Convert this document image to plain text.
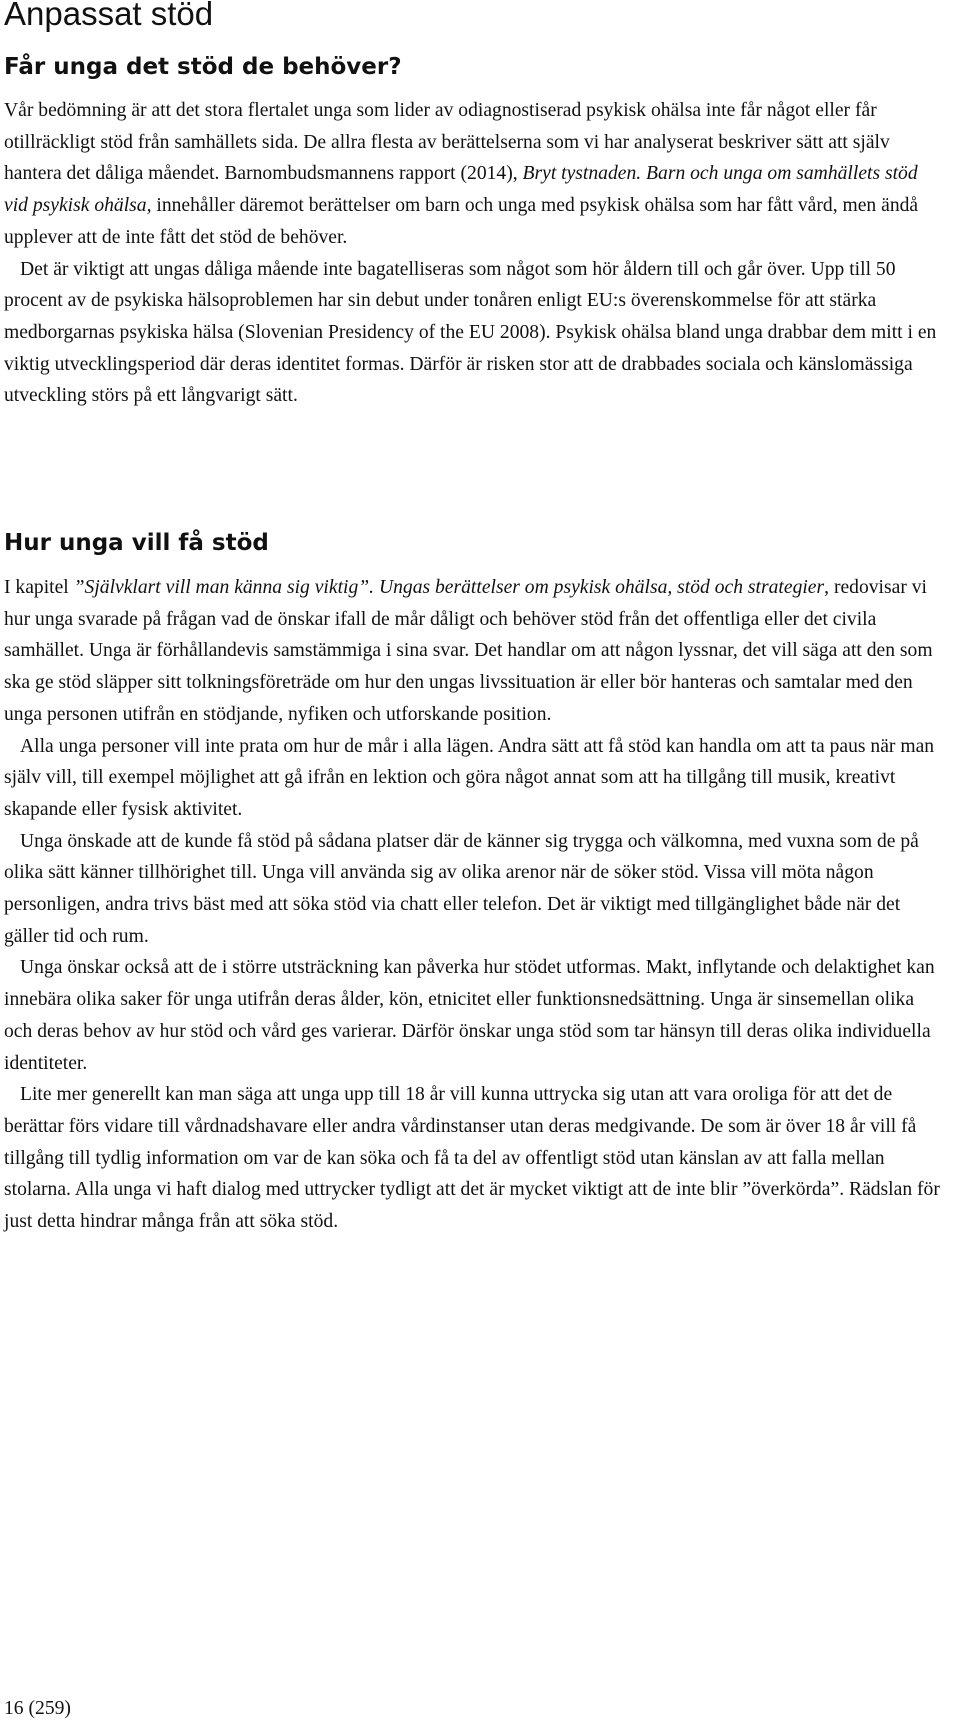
Anpassat stöd
Får unga det stöd de behöver?

Vår bedömning är att det stora flertalet unga som lider av odiagnostiserad psykisk ohälsa inte får något eller får otillräckligt stöd från samhällets sida. De allra flesta av berättelserna som vi har analyserat beskriver sätt att själv hantera det dåliga måendet. Barnombudsmannens rapport (2014), Bryt tystnaden. Barn och unga om samhällets stöd vid psykisk ohälsa, innehåller däremot berättelser om barn och unga med psykisk ohälsa som har fått vård, men ändå upplever att de inte fått det stöd de behöver.

Det är viktigt att ungas dåliga mående inte bagatelliseras som något som hör åldern till och går över. Upp till 50 procent av de psykiska hälsoproblemen har sin debut under tonåren enligt EU:s överenskommelse för att stärka medborgarnas psykiska hälsa (Slovenian Presidency of the EU 2008). Psykisk ohälsa bland unga drabbar dem mitt i en viktig utvecklingsperiod där deras identitet formas. Därför är risken stor att de drabbades sociala och känslomässiga utveckling störs på ett långvarigt sätt.

Hur unga vill få stöd

I kapitel ”Självklart vill man känna sig viktig”. Ungas berättelser om psykisk ohälsa, stöd och strategier, redovisar vi hur unga svarade på frågan vad de önskar ifall de mår dåligt och behöver stöd från det offentliga eller det civila samhället. Unga är förhållandevis samstämmiga i sina svar. Det handlar om att någon lyssnar, det vill säga att den som ska ge stöd släpper sitt tolkningsföreträde om hur den ungas livssituation är eller bör hanteras och samtalar med den unga personen utifrån en stödjande, nyfiken och utforskande position.

Alla unga personer vill inte prata om hur de mår i alla lägen. Andra sätt att få stöd kan handla om att ta paus när man själv vill, till exempel möjlighet att gå ifrån en lektion och göra något annat som att ha tillgång till musik, kreativt skapande eller fysisk aktivitet.

Unga önskade att de kunde få stöd på sådana platser där de känner sig trygga och välkomna, med vuxna som de på olika sätt känner tillhörighet till. Unga vill använda sig av olika arenor när de söker stöd. Vissa vill möta någon personligen, andra trivs bäst med att söka stöd via chatt eller telefon. Det är viktigt med tillgänglighet både när det gäller tid och rum.

Unga önskar också att de i större utsträckning kan påverka hur stödet utformas. Makt, inflytande och delaktighet kan innebära olika saker för unga utifrån deras ålder, kön, etnicitet eller funktionsnedsättning. Unga är sinsemellan olika och deras behov av hur stöd och vård ges varierar. Därför önskar unga stöd som tar hänsyn till deras olika individuella identiteter.

Lite mer generellt kan man säga att unga upp till 18 år vill kunna uttrycka sig utan att vara oroliga för att det de berättar förs vidare till vårdnadshavare eller andra vårdinstanser utan deras medgivande. De som är över 18 år vill få tillgång till tydlig information om var de kan söka och få ta del av offentligt stöd utan känslan av att falla mellan stolarna. Alla unga vi haft dialog med uttrycker tydligt att det är mycket viktigt att de inte blir ”överkörda”. Rädslan för just detta hindrar många från att söka stöd.

16 (259)
